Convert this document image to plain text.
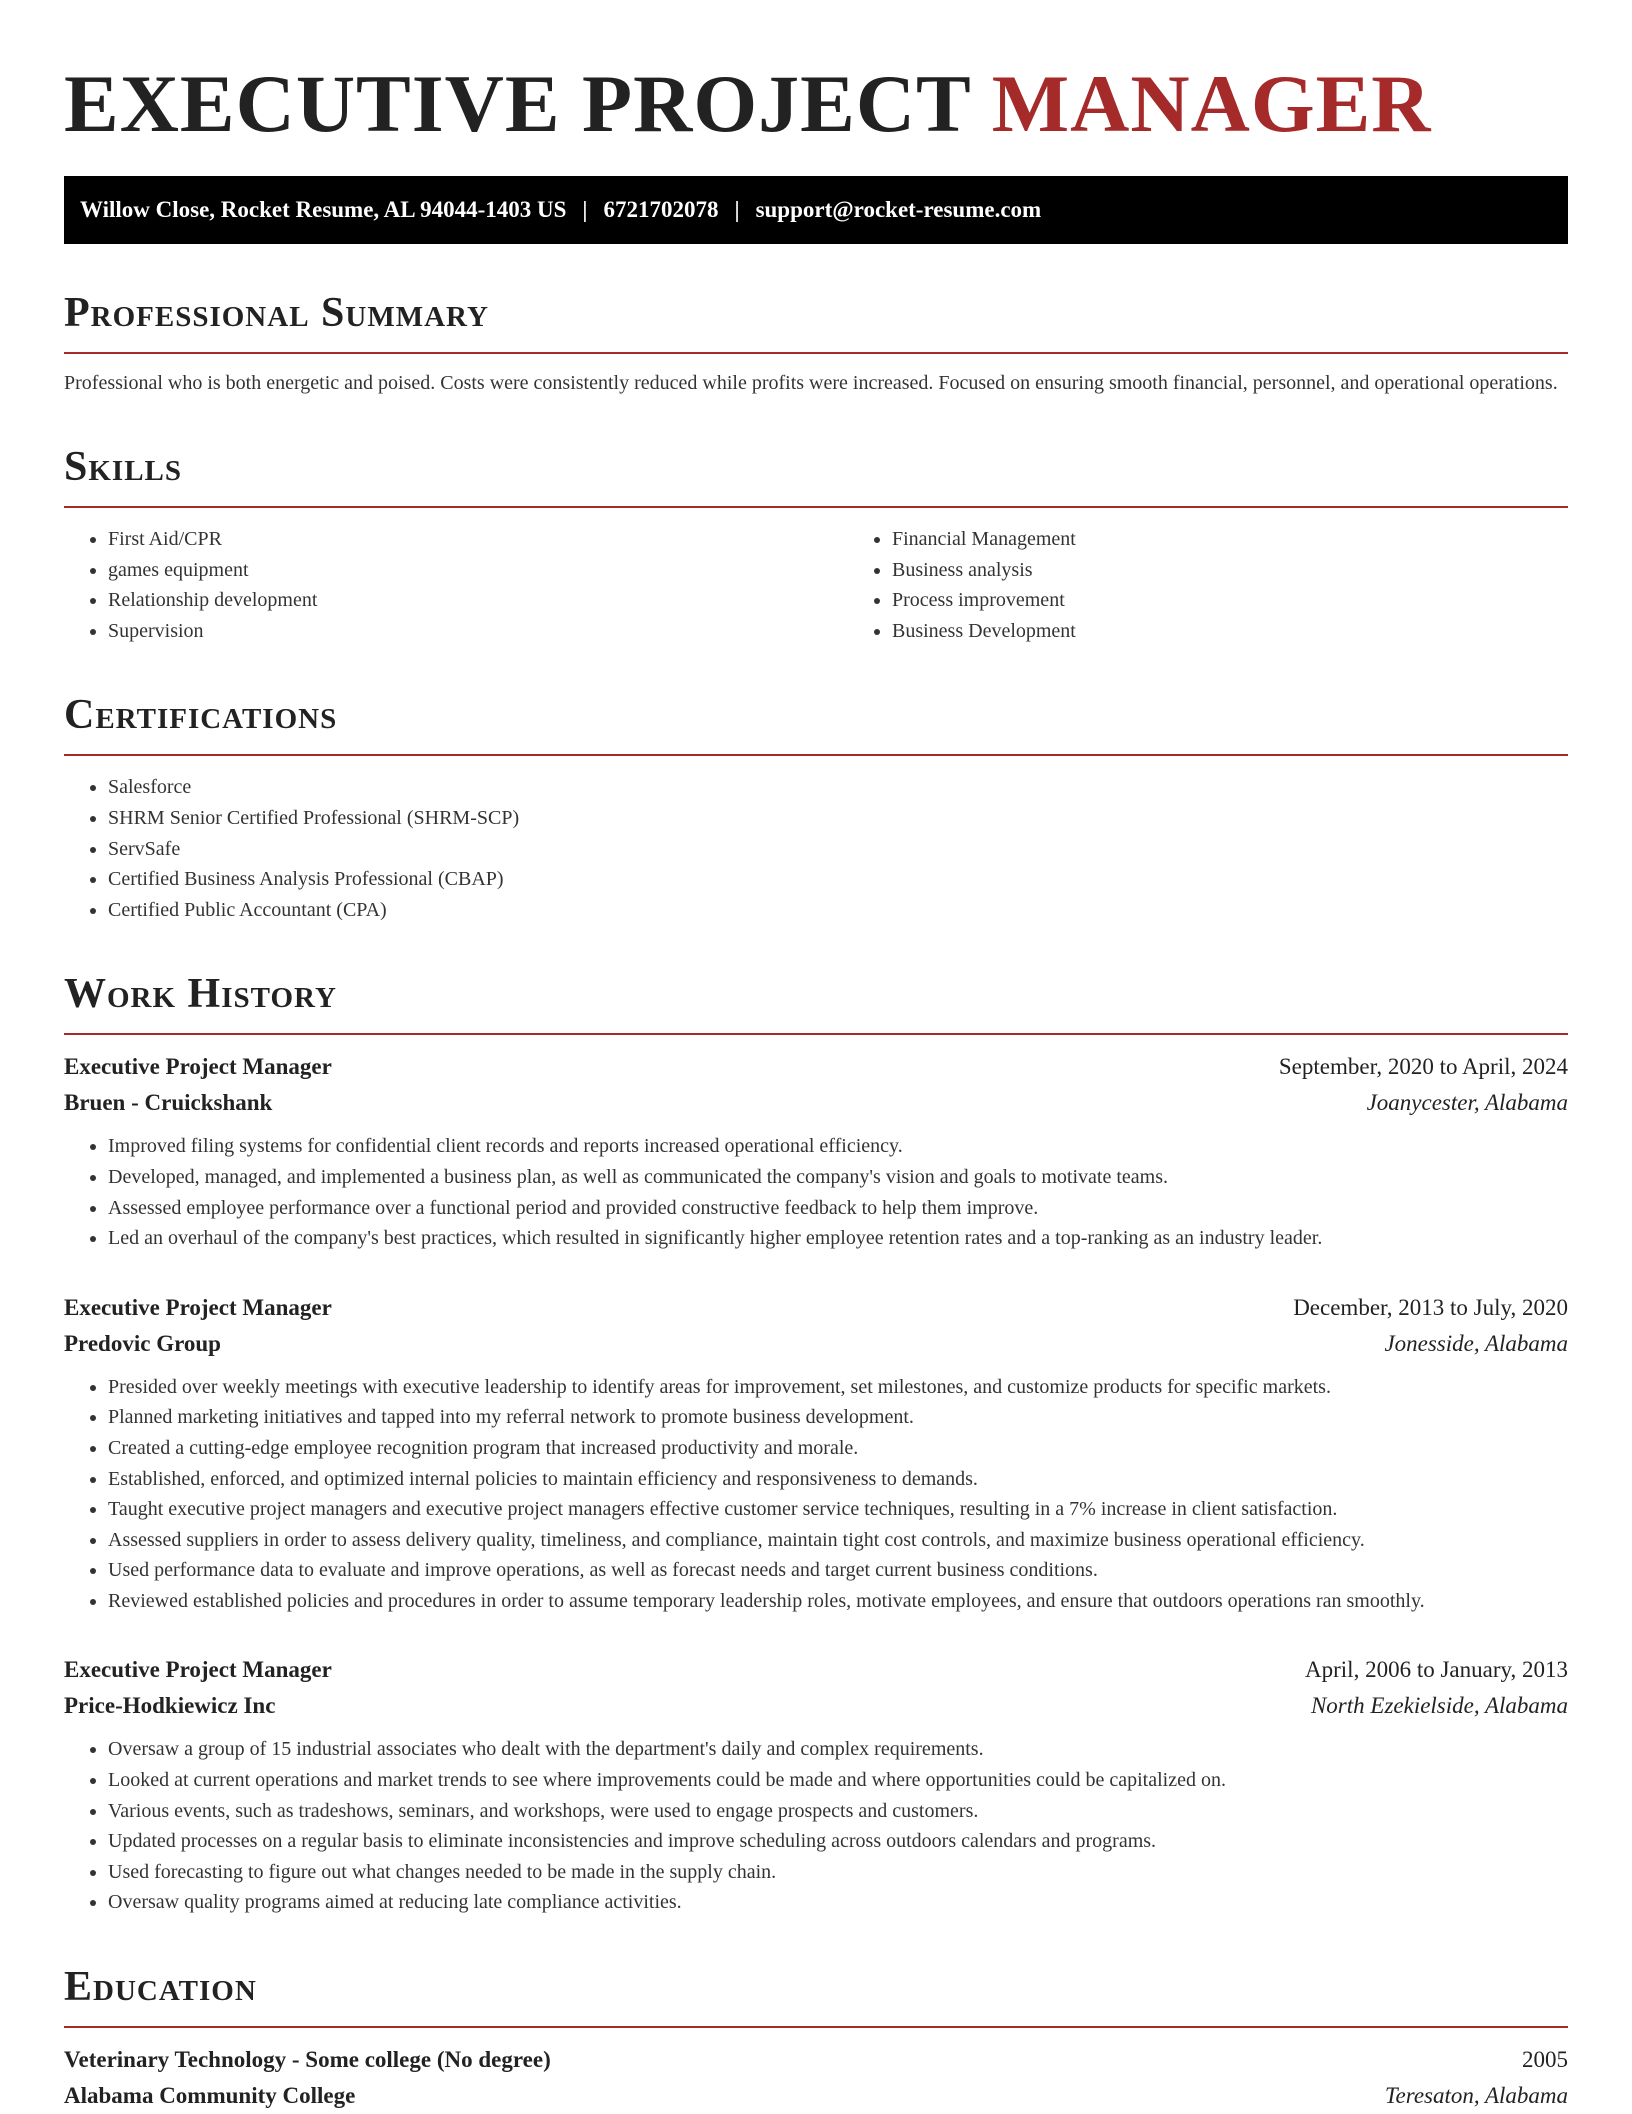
EXECUTIVE PROJECT MANAGER
Willow Close, Rocket Resume, AL 94044-1403 US | 6721702078 | support@rocket-resume.com
Professional Summary

Professional who is both energetic and poised. Costs were consistently reduced while profits were increased. Focused on ensuring smooth financial, personnel, and operational operations.

Skills
• First Aid/CPR
• games equipment
• Relationship development
• Supervision
• Financial Management
• Business analysis
• Process improvement
• Business Development
Certifications
• Salesforce
• SHRM Senior Certified Professional (SHRM-SCP)
• ServSafe
• Certified Business Analysis Professional (CBAP)
• Certified Public Accountant (CPA)
Work History
Executive Project Manager	September, 2020 to April, 2024
Bruen - Cruickshank	Joanycester, Alabama
• Improved filing systems for confidential client records and reports increased operational efficiency.
• Developed, managed, and implemented a business plan, as well as communicated the company's vision and goals to motivate teams.
• Assessed employee performance over a functional period and provided constructive feedback to help them improve.
• Led an overhaul of the company's best practices, which resulted in significantly higher employee retention rates and a top-ranking as an industry leader.
Executive Project Manager	December, 2013 to July, 2020
Predovic Group	Jonesside, Alabama
• Presided over weekly meetings with executive leadership to identify areas for improvement, set milestones, and customize products for specific markets.
• Planned marketing initiatives and tapped into my referral network to promote business development.
• Created a cutting-edge employee recognition program that increased productivity and morale.
• Established, enforced, and optimized internal policies to maintain efficiency and responsiveness to demands.
• Taught executive project managers and executive project managers effective customer service techniques, resulting in a 7% increase in client satisfaction.
• Assessed suppliers in order to assess delivery quality, timeliness, and compliance, maintain tight cost controls, and maximize business operational efficiency.
• Used performance data to evaluate and improve operations, as well as forecast needs and target current business conditions.
• Reviewed established policies and procedures in order to assume temporary leadership roles, motivate employees, and ensure that outdoors operations ran smoothly.
Executive Project Manager	April, 2006 to January, 2013
Price-Hodkiewicz Inc	North Ezekielside, Alabama
• Oversaw a group of 15 industrial associates who dealt with the department's daily and complex requirements.
• Looked at current operations and market trends to see where improvements could be made and where opportunities could be capitalized on.
• Various events, such as tradeshows, seminars, and workshops, were used to engage prospects and customers.
• Updated processes on a regular basis to eliminate inconsistencies and improve scheduling across outdoors calendars and programs.
• Used forecasting to figure out what changes needed to be made in the supply chain.
• Oversaw quality programs aimed at reducing late compliance activities.
Education
Veterinary Technology - Some college (No degree)	2005
Alabama Community College	Teresaton, Alabama
